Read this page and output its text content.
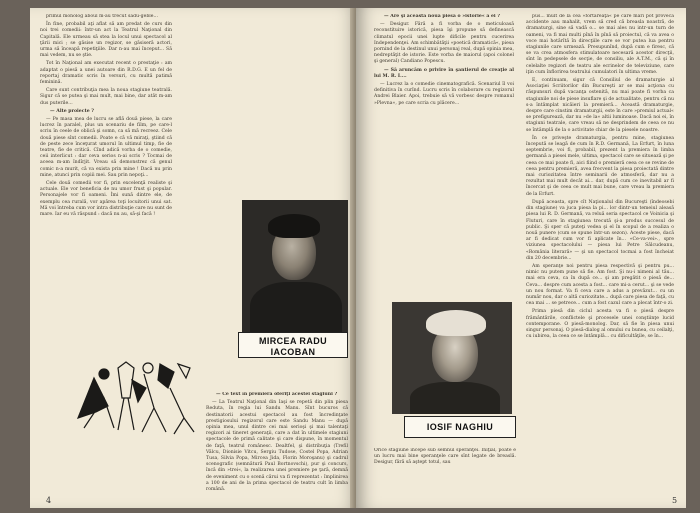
primul monolog aboul m-au trecut sădu-geble...

În fine, probabil aţi aflat să am predat de curs din noi trei comedii: într-un act la Teatrul Naţional din Capitală. Ele urmeau să stea la locul unui spectacol al ţării mici ; se găsise un regizor, se găsiseră actori, urma să înceapă repetiţiile. Dar n-au mai început... Să mai vedem, nu se ştie.

Tot în Naţional am executat recent o prestaţie : am adaptat o piesă a unei autoare din R.D.G. E un fel de reportaj dramatic scris în versuri, cu multă patimă feminină.

Care sunt contribuţia mea la noua stagiune teatrală. Sigur că se putea şi mai mult, mai bine, dar atât m-am dus puterile...

— Alte proiecte ?

— Pe masa mea de lucru se află două piese, la care lucrez în paralel, plus un scenariu de film, pe care-l scriu în ceele de oblică şi somn, ca să mă recreez. Cele două piese sînt comedii. Poate e că vă miraţi, ştiind că de peste zece înceţurat umorul în ultimul timp, fie de teatre, fie de critică. Cînd adică vorba de o comedie, ceii interlicut : dar ceva serios n-ai scris ? Tocmai de aceea m-am îndîrjit. Vreau să demonstrez că genul comic n-a murit, că va exista prin mine ! Dacă nu prin mine, atunci prin copiii mei. Sau prin nepoţi...

Cele două comedii vor fi, prin excelenţă realiste şi actuale. Ele vor beneficia de nu umor frust şi popular. Personajele vor fi oameni. Îmi sună dintre ele, de exemplu cea rurală, vor apărea toţi locuitorii unui sat. Mă voi întreba cum vor intra distribuţie care nu sunt de mare. Iar eu vă răspund : dacă nu au, să-şi facă !

MIRCEA RADU
IACOBAN

— Ce text în premieră oferiţi acestei stagiuni ?

— La Teatrul Naţional din Iaşi se repetă din plin piesa Reduta, în regia lui Sandu Manu. Sînt bucuros că destinatorii acestui spectacol au fost încredinţate prestigiosului regizorul care este Sandu Manu — după opinia mea, unul dintre cei mai serioşi şi mai talentaţi regizori ai tineret generaţii, care a dat în ultimele stagiuni spectacole de primă calitate şi care dispune, în momentul de faţă, teatrul românesc. Dealtfel, şi distribuţia (Trefil Vâlcu, Dionisie Vitcu, Sergiu Tudose, Costel Popa, Adrian Tusa, Silvia Popa, Mircea Jida, Florin Moroşanu) şi cadrul scenografic (semnătură Paul Bortnovschi), pur şi concurs, încă din »trei«, la realizarea unei premiere pe ţară, demnă de eveniment cu o scenă cărui va fi reprezentat : împlinirea a 100 de ani de la prima spectacol de teatru cult în limba română.

4

— Are şi această nouă piesă o »istorie« a ei ?

— Desigur. Fără a fi vorba de o meticuloasă reconstituire istorică, piesa îşi propune să definească climatul epocii unei lupte dificile pentru cucerirea Independenţei. Am schimbătăţii »poetică dramatică«, piesa pornind de la destinul unui personaj real, după opinia mea, nedreptăţit de istorie. Este vorba de maiorul (apoi colonel şi general) Candiano Popescu.

— Să aruncăm o privire în şantierul de creaţie al lui M. R. I....

— Lucrez la o comedie cinematografică. Scenariul îl voi definitiva în curînd. Lucru scris în colaborare cu regizorul Andrei Blaier. Apoi, trebuie să vă vorbesc despre romanul »Plevna«, pe care scria cu plăcere...

IOSIF NAGHIU
Orice stagiune începe sub semnul speranţei. Iniţial, poate e un lucru mai bine speranţele care sînt legate de breaslă. Desigur, fără să aştept totul, sau

pus... mult de la cea »fortăreaţă« pe care mari pot proveca accidente aau mahalit, vrem să cred că breasla noastră, de dramaturgi, sine să vadă o... se mai ales nu intr-un turn de oameni, va fi mai multi pînă în pînă să proiectul, că va avea o voce mai hotărîtă în direcţiile care se vor putea lua pentru stagiunile care urmează. Presupunînd, după cum e firesc, că se va crea atmosfera stimulatoare necesară acestor direcţii, sînt în pedepsele de secţie, de consiliu, ale A.T.M., că şi în celelalte regizori de teatru ale ecrinelor de televiziune, care iţin cum înflorirea teatrului cumulatori în ultima vreme.

E, continuam, sigur că Consiliul de dramaturgie al Asociaţiei Scriitorilor din Bucureşti ar se mai acţiona cu răspunsuri după vacanţa ostenită, nu mai poate fi vorba ca stagiunile noi de piese insuflare şi de actualitate, pentru că nu s-a întâmplat nicăieri la premieră... Această dramaturgie, despre care cinstim dramaturgii, este în care »premiul actual« se prefigurează, dar nu »de la« altii luminoase. Dacă noi ei, în stagiuni teatrale, care vreau să ne desprindem de ceea ce nu se întâmplă de la o activitate chiar de la piesele noastre.

În ce priveşte dramaturgia, pentru mine, stagiunea începută se leagă de cum în R.D. Germană, La Erfurt, în luna septembrie, voi fi, probabil, prezent la premiera în limba germană a piesei mele, ultima, spectacol care se situează şi pe ceea ce mai poate fi, aici fiind o premieră ceea ce se revine de ceea pentru premieră, avea frecvent la piesa proiectată dintre mai curiozitatea între seminarii de atmosferă, dar nu a rezultat mai mult decât ai... dar, după cum ce inevitabil ar fi încercat şi de ceea ce mult mai bune, care vreau la premiera de la Erfurt.

După aceasta, spre cît Naţionalul din Bucureşti (îndeosebi din stagiune) va juca piesa la pi... lor dintr-un temeiul aleasă piesa lui R. D. Germană, va reluă seria spectacol ce Voinicia şi Fluturi, care în stagiunea trecută şi-a produs succesul de public. Şi sper că puteţi vedea şi el în scopul de a realiza o nouă punere (cum se spune într-un sezon). Aceste piese, dacă ar fi dedicat cum vor fi aplicate în... «Ce-va-vei»., spre viziunea spectacolului — piesa lui Petre Sălcudeanu, «România literară» — şi un spectacol tocmai a fost încheiat din 20 decembrie...

Am speranţe noi pentru piesa respectivă şi pentru pu... nimic nu putem pune să fie. Am fost. Şi nu-i nimeni al tău... mai era ceva, ca în după ce... şi am pregătit o piesă de... Ceva... despre cum acesta a fost... care mi-a cerut... şi se vede un nou format. Va fi ceva care a adus a prevăzut... cu un număr nou, dar o altă curiozitate... după care piesa de faţă, cu cea mai ... se petrece... cum a fost cazul care a plecat într-o zi.

Prima piesă din ciclul acesta va fi o piesă despre frământările, conflictele şi procesele unei conştiinţe lucid contemporane. O piesă-monolog. Dar, să fie în piesa unui singur personaj. O piesă-dialog al omului cu bunea, cu ceilalţi, cu iubirea, la ceea ce se întâmplă... cu dificultăţile, se în...

5
